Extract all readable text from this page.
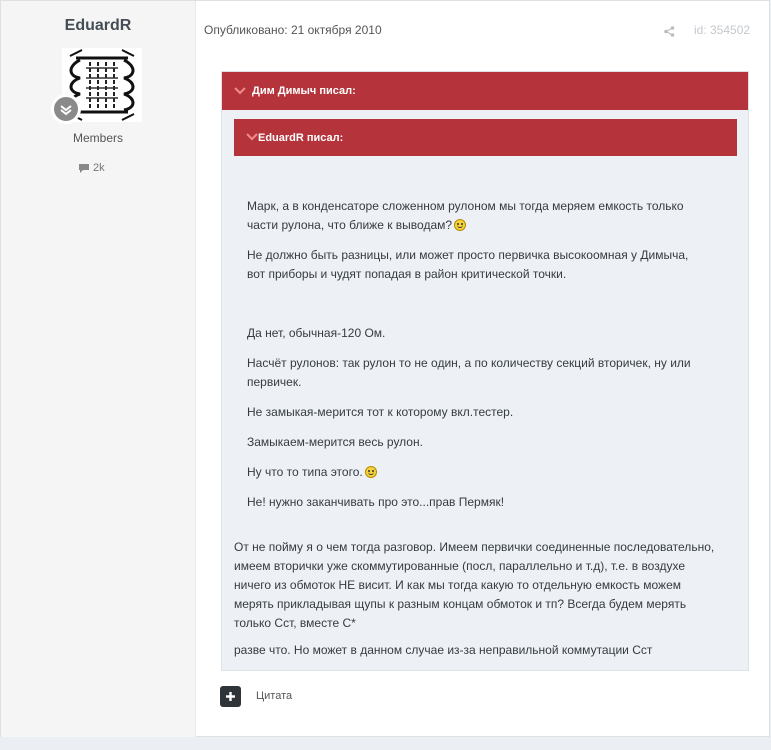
EduardR
Members
2k
Опубликовано: 21 октября 2010	id: 354502
Дим Димыч писал:
EduardR писал:
Марк, а в конденсаторе сложенном рулоном мы тогда меряем емкость только
части рулона, что ближе к выводам?
Не должно быть разницы, или может просто первичка высокоомная у Димыча,
вот приборы и чудят попадая в район критической точки.
Да нет, обычная-120 Ом.
Насчёт рулонов: так рулон то не один, а по количеству секций вторичек, ну или
первичек.
Не замыкая-мерится тот к которому вкл.тестер.
Замыкаем-мерится весь рулон.
Ну что то типа этого.
Не! нужно заканчивать про это...прав Пермяк!
От не пойму я о чем тогда разговор. Имеем первички соединенные последовательно,
имеем вторички уже скоммутированные (посл, параллельно и т.д), т.е. в воздухе
ничего из обмоток НЕ висит. И как мы тогда какую то отдельную емкость можем
мерять прикладывая щупы к разным концам обмоток и тп? Всегда будем мерять
только Сст, вместе С*
разве что. Но может в данном случае из-за неправильной коммутации Сст
Цитата
